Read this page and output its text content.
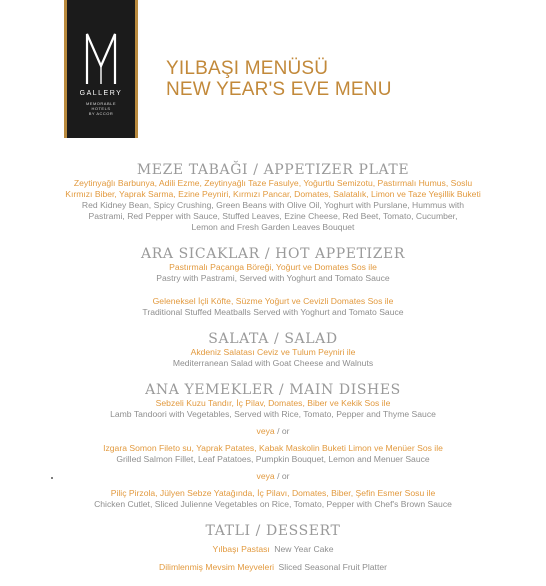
GALLERY
MEMORABLE
HOTELS
BY ACCOR
YILBAŞI MENÜSÜ
NEW YEAR'S EVE MENU
MEZE TABAĞI / APPETIZER PLATE
Zeytinyağlı Barbunya, Adili Ezme, Zeytinyağlı Taze Fasulye, Yoğurtlu Semizotu, Pastırmalı Humus, Soslu
Kırmızı Biber, Yaprak Sarma, Ezine Peyniri, Kırmızı Pancar, Domates, Salatalık, Limon ve Taze Yeşillik Buketi
Red Kidney Bean, Spicy Crushing, Green Beans with Olive Oil, Yoghurt with Purslane, Hummus with
Pastrami, Red Pepper with Sauce, Stuffed Leaves, Ezine Cheese, Red Beet, Tomato, Cucumber,
Lemon and Fresh Garden Leaves Bouquet
ARA SICAKLAR / HOT APPETIZER
Pastırmalı Paçanga Böreği, Yoğurt ve Domates Sos ile
Pastry with Pastrami, Served with Yoghurt and Tomato Sauce
Geleneksel İçli Köfte, Süzme Yoğurt ve Cevizli Domates Sos ile
Traditional Stuffed Meatballs Served with Yoghurt and Tomato Sauce
SALATA / SALAD
Akdeniz Salatası Ceviz ve Tulum Peyniri ile
Mediterranean Salad with Goat Cheese and Walnuts
ANA YEMEKLER / MAIN DISHES
Sebzeli Kuzu Tandır, İç Pilav, Domates, Biber ve Kekik Sos ile
Lamb Tandoori with Vegetables, Served with Rice, Tomato, Pepper and Thyme Sauce
veya / or
Izgara Somon Fileto su, Yaprak Patates, Kabak Maskolin Buketi Limon ve Menüer Sos ile
Grilled Salmon Fillet, Leaf Patatoes, Pumpkin Bouquet, Lemon and Menuer Sauce
veya / or
Piliç Pirzola, Jülyen Sebze Yatağında, İç Pilavı, Domates, Biber, Şefin Esmer Sosu ile
Chicken Cutlet, Sliced Julienne Vegetables on Rice, Tomato, Pepper with Chef's Brown Sauce
TATLI / DESSERT
Yılbaşı Pastası New Year Cake
Dilimlenmiş Mevsim Meyveleri Sliced Seasonal Fruit Platter
